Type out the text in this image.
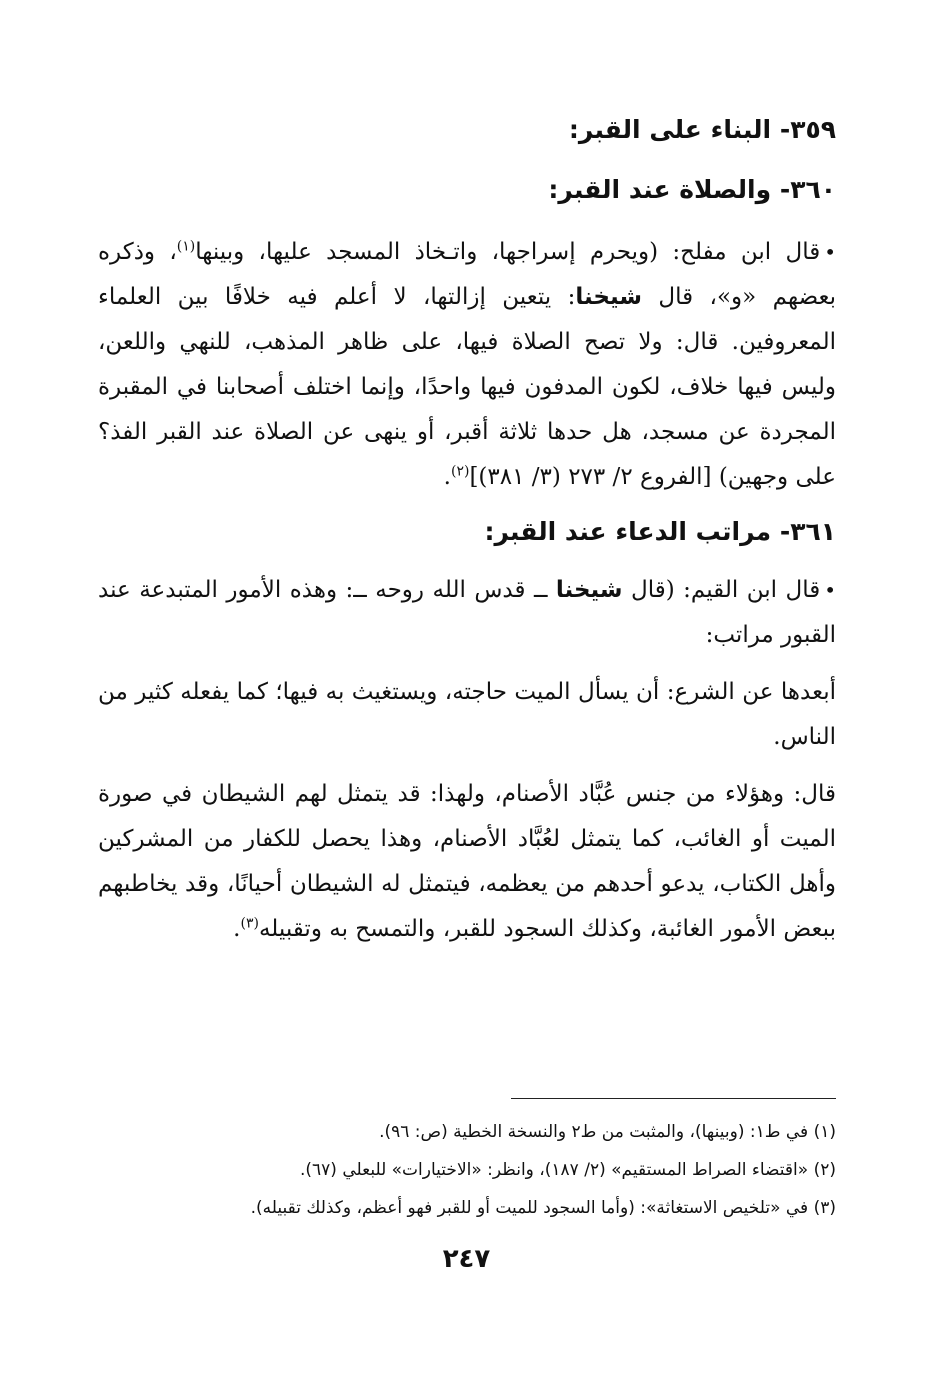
٣٥٩- البناء على القبر:

٣٦٠- والصلاة عند القبر:

•قال ابن مفلح: (ويحرم إسراجها، واتـخاذ المسجد عليها، وبينها$^{(١)}$، وذكره بعضهم «و»، قال شيخنا: يتعين إزالتها، لا أعلم فيه خلافًا بين العلماء المعروفين. قال: ولا تصح الصلاة فيها، على ظاهر المذهب، للنهي واللعن، وليس فيها خلاف، لكون المدفون فيها واحدًا، وإنما اختلف أصحابنا في المقبرة المجردة عن مسجد، هل حدها ثلاثة أقبر، أو ينهى عن الصلاة عند القبر الفذ؟ على وجهين) [الفروع ٢/ ٢٧٣ (٣/ ٣٨١)]$^{(٢)}$.

٣٦١- مراتب الدعاء عند القبر:

•قال ابن القيم: (قال شيخنا ــ قدس الله روحه ــ: وهذه الأمور المتبدعة عند القبور مراتب:

أبعدها عن الشرع: أن يسأل الميت حاجته، ويستغيث به فيها؛ كما يفعله كثير من الناس.

قال: وهؤلاء من جنس عُبَّاد الأصنام، ولهذا: قد يتمثل لهم الشيطان في صورة الميت أو الغائب، كما يتمثل لعُبَّاد الأصنام، وهذا يحصل للكفار من المشركين وأهل الكتاب، يدعو أحدهم من يعظمه، فيتمثل له الشيطان أحيانًا، وقد يخاطبهم ببعض الأمور الغائبة، وكذلك السجود للقبر، والتمسح به وتقبيله$^{(٣)}$.

(١) في ط١: (وبينها)، والمثبت من ط٢ والنسخة الخطية (ص: ٩٦).

(٢) «اقتضاء الصراط المستقيم» (٢/ ١٨٧)، وانظر: «الاختيارات» للبعلي (٦٧).

(٣) في «تلخيص الاستغاثة»: (وأما السجود للميت أو للقبر فهو أعظم، وكذلك تقبيله).

٢٤٧
